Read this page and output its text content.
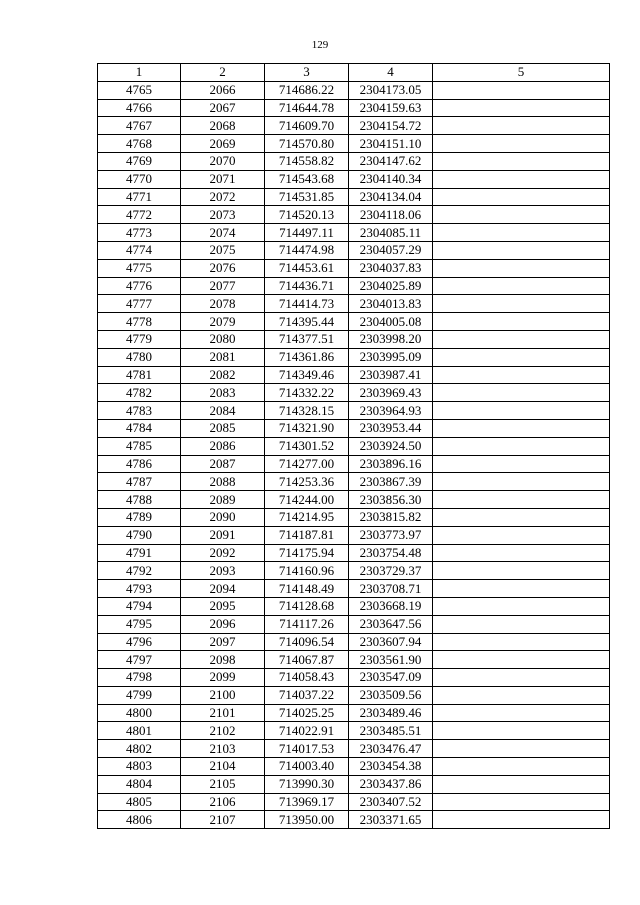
129
1	2	3	4	5
4765	2066	714686.22	2304173.05	
4766	2067	714644.78	2304159.63	
4767	2068	714609.70	2304154.72	
4768	2069	714570.80	2304151.10	
4769	2070	714558.82	2304147.62	
4770	2071	714543.68	2304140.34	
4771	2072	714531.85	2304134.04	
4772	2073	714520.13	2304118.06	
4773	2074	714497.11	2304085.11	
4774	2075	714474.98	2304057.29	
4775	2076	714453.61	2304037.83	
4776	2077	714436.71	2304025.89	
4777	2078	714414.73	2304013.83	
4778	2079	714395.44	2304005.08	
4779	2080	714377.51	2303998.20	
4780	2081	714361.86	2303995.09	
4781	2082	714349.46	2303987.41	
4782	2083	714332.22	2303969.43	
4783	2084	714328.15	2303964.93	
4784	2085	714321.90	2303953.44	
4785	2086	714301.52	2303924.50	
4786	2087	714277.00	2303896.16	
4787	2088	714253.36	2303867.39	
4788	2089	714244.00	2303856.30	
4789	2090	714214.95	2303815.82	
4790	2091	714187.81	2303773.97	
4791	2092	714175.94	2303754.48	
4792	2093	714160.96	2303729.37	
4793	2094	714148.49	2303708.71	
4794	2095	714128.68	2303668.19	
4795	2096	714117.26	2303647.56	
4796	2097	714096.54	2303607.94	
4797	2098	714067.87	2303561.90	
4798	2099	714058.43	2303547.09	
4799	2100	714037.22	2303509.56	
4800	2101	714025.25	2303489.46	
4801	2102	714022.91	2303485.51	
4802	2103	714017.53	2303476.47	
4803	2104	714003.40	2303454.38	
4804	2105	713990.30	2303437.86	
4805	2106	713969.17	2303407.52	
4806	2107	713950.00	2303371.65	
